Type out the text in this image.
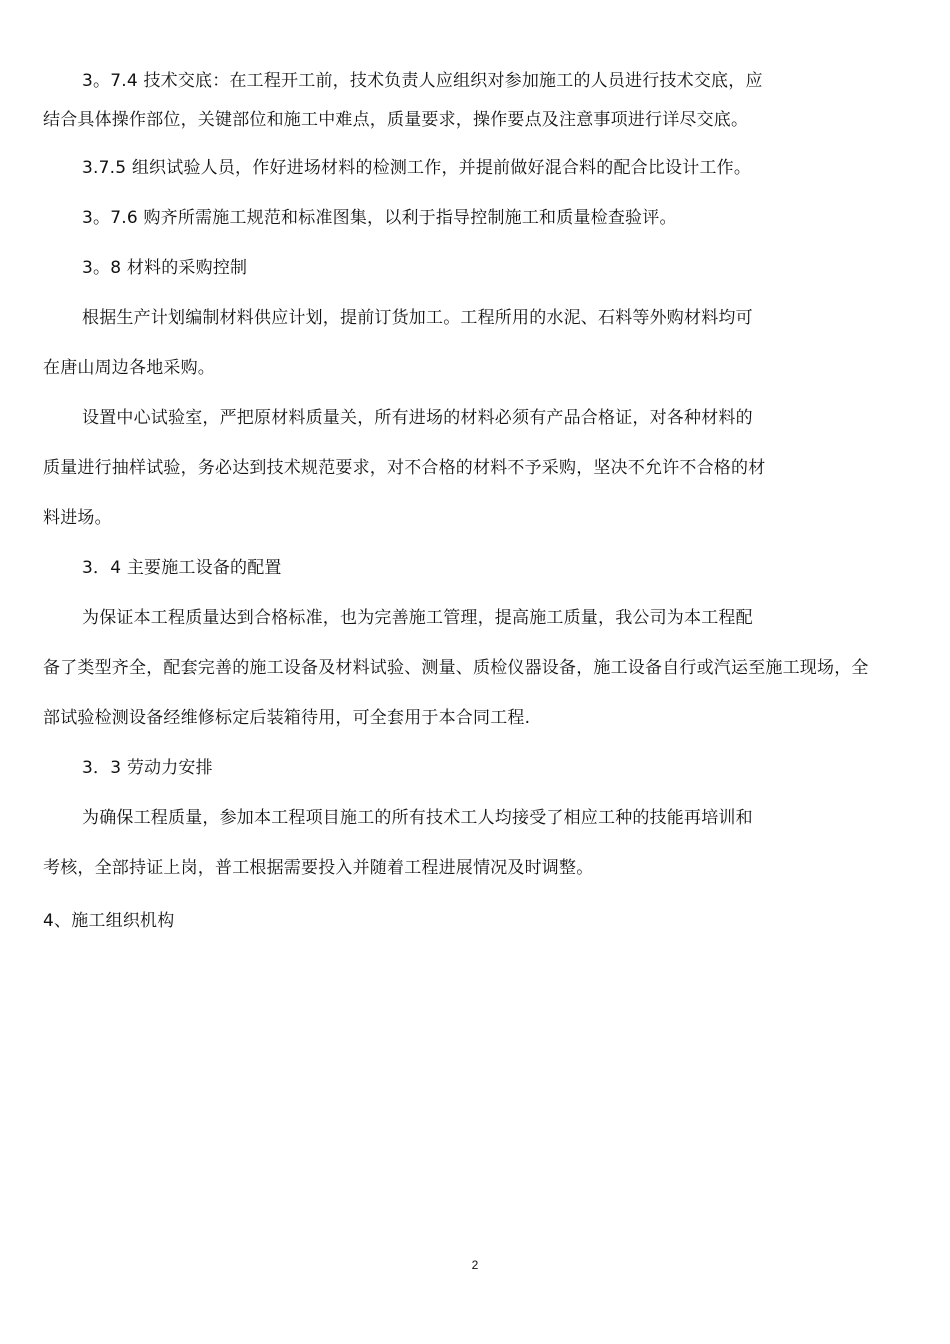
3。7.4 技术交底：在工程开工前，技术负责人应组织对参加施工的人员进行技术交底，应
结合具体操作部位，关键部位和施工中难点，质量要求，操作要点及注意事项进行详尽交底。
3.7.5 组织试验人员，作好进场材料的检测工作，并提前做好混合料的配合比设计工作。
3。7.6 购齐所需施工规范和标准图集，以利于指导控制施工和质量检查验评。
3。8 材料的采购控制
根据生产计划编制材料供应计划，提前订货加工。工程所用的水泥、石料等外购材料均可
在唐山周边各地采购。
设置中心试验室，严把原材料质量关，所有进场的材料必须有产品合格证，对各种材料的
质量进行抽样试验，务必达到技术规范要求，对不合格的材料不予采购，坚决不允许不合格的材
料进场。
3．4 主要施工设备的配置
为保证本工程质量达到合格标准，也为完善施工管理，提高施工质量，我公司为本工程配
备了类型齐全，配套完善的施工设备及材料试验、测量、质检仪器设备，施工设备自行或汽运至施工现场，全
部试验检测设备经维修标定后装箱待用，可全套用于本合同工程.
3．3 劳动力安排
为确保工程质量，参加本工程项目施工的所有技术工人均接受了相应工种的技能再培训和
考核，全部持证上岗，普工根据需要投入并随着工程进展情况及时调整。
4、施工组织机构
2
